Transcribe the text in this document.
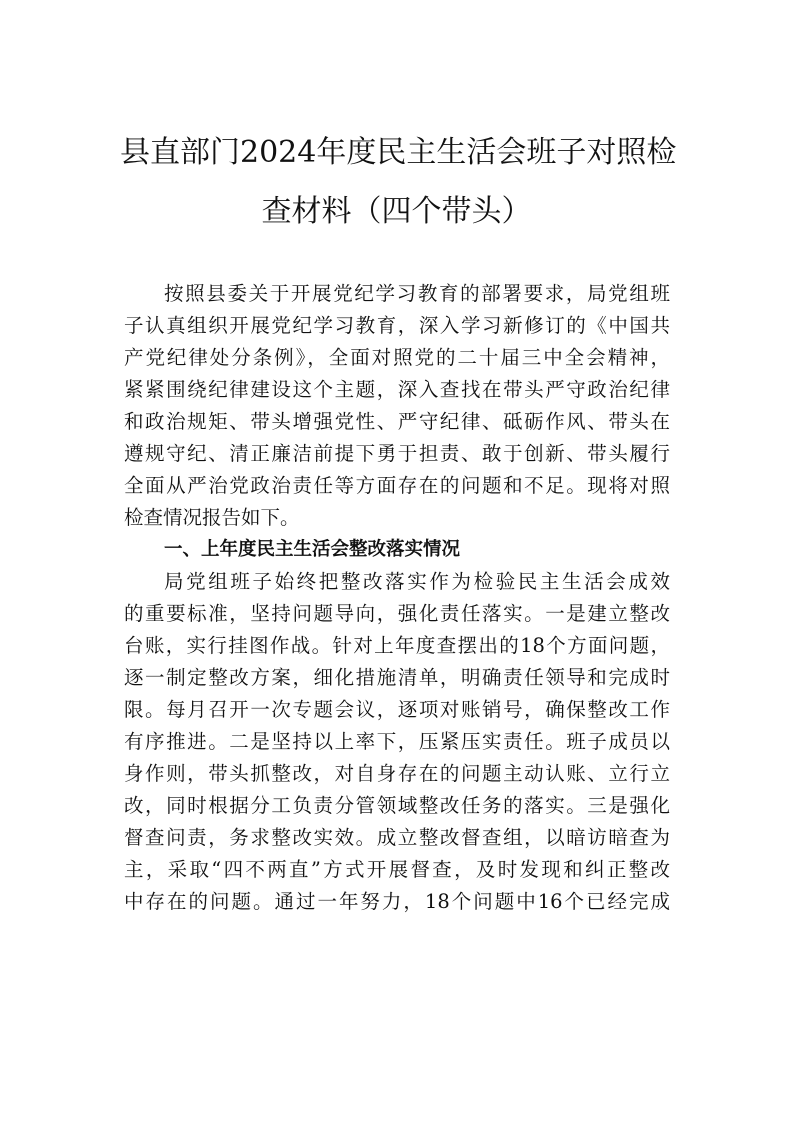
县直部门2024年度民主生活会班子对照检
查材料（四个带头）
按照县委关于开展党纪学习教育的部署要求，局党组班
子认真组织开展党纪学习教育，深入学习新修订的《中国共
产党纪律处分条例》，全面对照党的二十届三中全会精神，
紧紧围绕纪律建设这个主题，深入查找在带头严守政治纪律
和政治规矩、带头增强党性、严守纪律、砥砺作风、带头在
遵规守纪、清正廉洁前提下勇于担责、敢于创新、带头履行
全面从严治党政治责任等方面存在的问题和不足。现将对照
检查情况报告如下。
一、上年度民主生活会整改落实情况
局党组班子始终把整改落实作为检验民主生活会成效
的重要标准，坚持问题导向，强化责任落实。一是建立整改
台账，实行挂图作战。针对上年度查摆出的18个方面问题，
逐一制定整改方案，细化措施清单，明确责任领导和完成时
限。每月召开一次专题会议，逐项对账销号，确保整改工作
有序推进。二是坚持以上率下，压紧压实责任。班子成员以
身作则，带头抓整改，对自身存在的问题主动认账、立行立
改，同时根据分工负责分管领域整改任务的落实。三是强化
督查问责，务求整改实效。成立整改督查组，以暗访暗查为
主，采取“四不两直”方式开展督查，及时发现和纠正整改
中存在的问题。通过一年努力，18个问题中16个已经完成
